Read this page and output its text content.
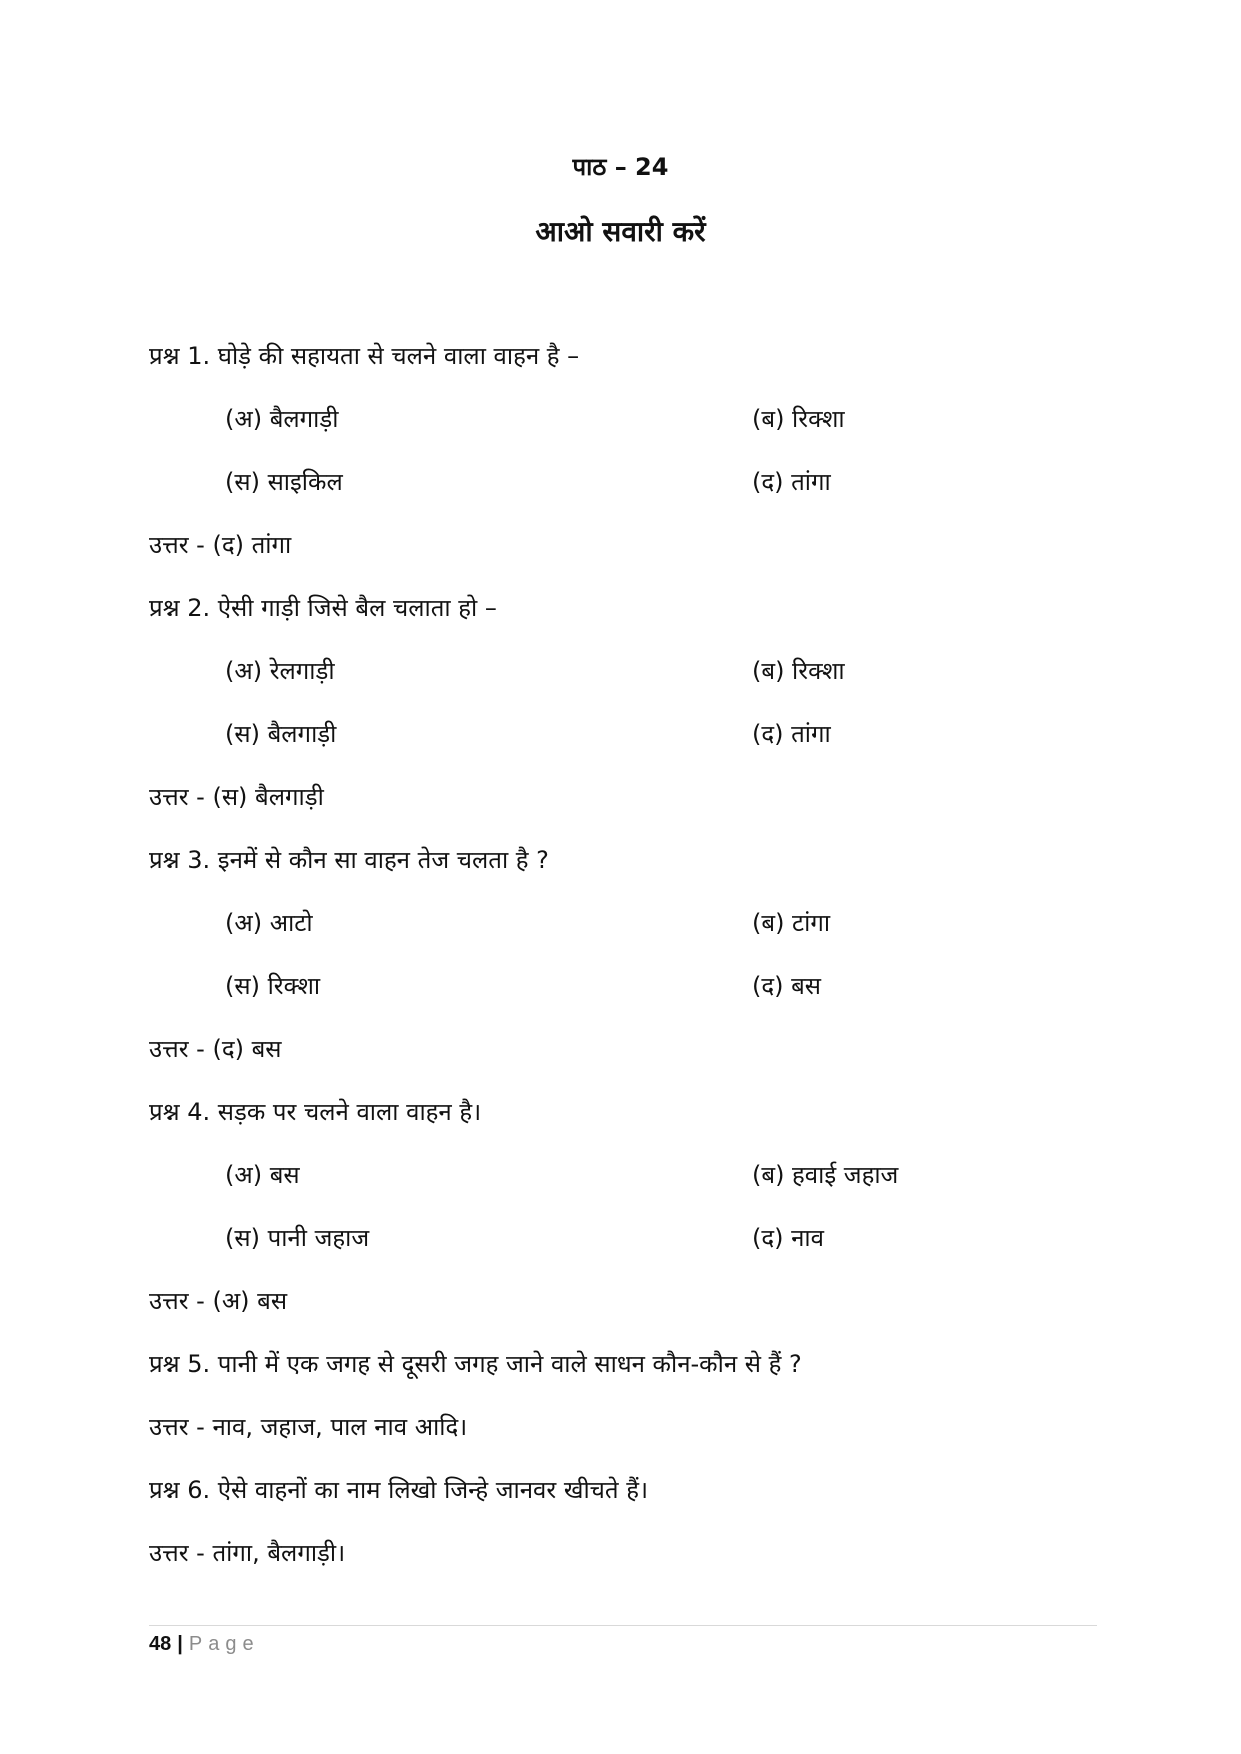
पाठ – 24
आओ सवारी करें
प्रश्न 1. घोड़े की सहायता से चलने वाला वाहन है –
(अ) बैलगाड़ी	(ब) रिक्शा
(स) साइकिल	(द) तांगा
उत्तर - (द) तांगा
प्रश्न 2. ऐसी गाड़ी जिसे बैल चलाता हो –
(अ) रेलगाड़ी	(ब) रिक्शा
(स) बैलगाड़ी	(द) तांगा
उत्तर - (स) बैलगाड़ी
प्रश्न 3. इनमें से कौन सा वाहन तेज चलता है ?
(अ) आटो	(ब) टांगा
(स) रिक्शा	(द) बस
उत्तर - (द) बस
प्रश्न 4. सड़क पर चलने वाला वाहन है।
(अ) बस	(ब) हवाई जहाज
(स) पानी जहाज	(द) नाव
उत्तर - (अ) बस
प्रश्न 5. पानी में एक जगह से दूसरी जगह जाने वाले साधन कौन-कौन से हैं ?
उत्तर - नाव, जहाज, पाल नाव आदि।
प्रश्न 6. ऐसे वाहनों का नाम लिखो जिन्हे जानवर खीचते हैं।
उत्तर - तांगा, बैलगाड़ी।
48 | Page
